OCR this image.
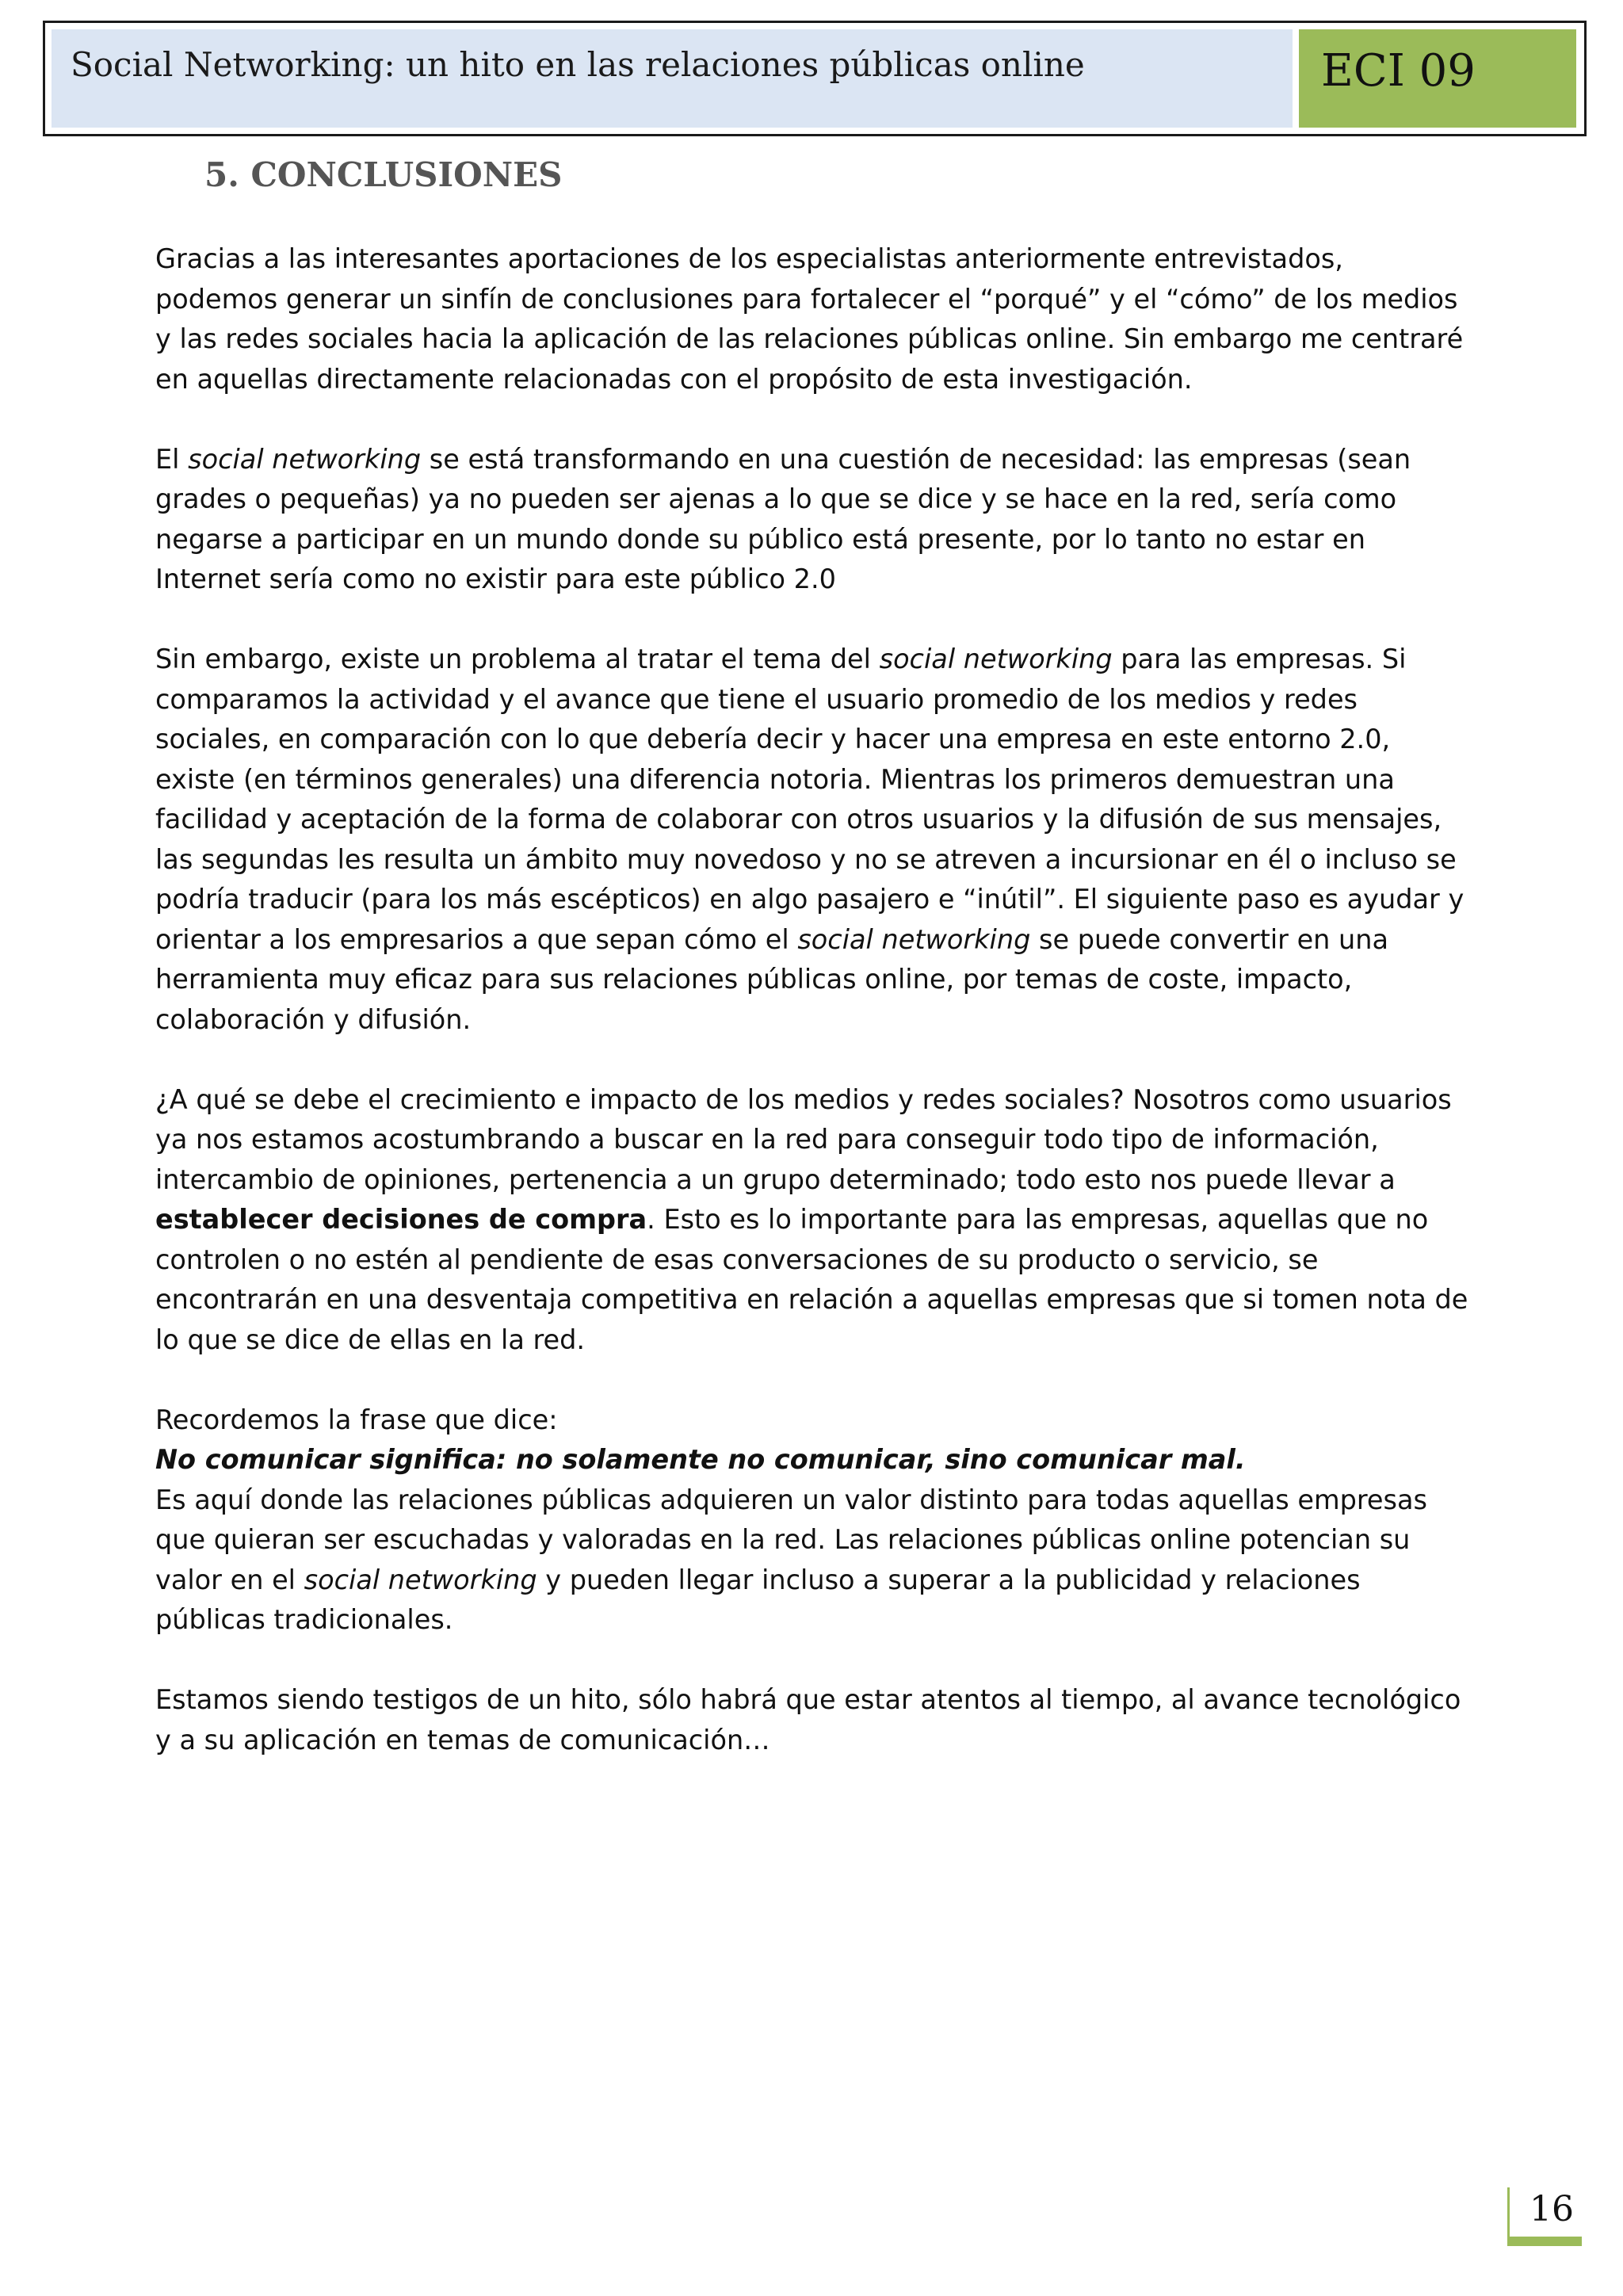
Social Networking: un hito en las relaciones públicas online	ECI 09
5. CONCLUSIONES

Gracias a las interesantes aportaciones de los especialistas anteriormente entrevistados, podemos generar un sinfín de conclusiones para fortalecer el “porqué” y el “cómo” de los medios y las redes sociales hacia la aplicación de las relaciones públicas online. Sin embargo me centraré en aquellas directamente relacionadas con el propósito de esta investigación.

El social networking se está transformando en una cuestión de necesidad: las empresas (sean grades o pequeñas) ya no pueden ser ajenas a lo que se dice y se hace en la red, sería como negarse a participar en un mundo donde su público está presente, por lo tanto no estar en Internet sería como no existir para este público 2.0

Sin embargo, existe un problema al tratar el tema del social networking para las empresas. Si comparamos la actividad y el avance que tiene el usuario promedio de los medios y redes sociales, en comparación con lo que debería decir y hacer una empresa en este entorno 2.0, existe (en términos generales) una diferencia notoria. Mientras los primeros demuestran una facilidad y aceptación de la forma de colaborar con otros usuarios y la difusión de sus mensajes, las segundas les resulta un ámbito muy novedoso y no se atreven a incursionar en él o incluso se podría traducir (para los más escépticos) en algo pasajero e “inútil”. El siguiente paso es ayudar y orientar a los empresarios a que sepan cómo el social networking se puede convertir en una herramienta muy eficaz para sus relaciones públicas online, por temas de coste, impacto, colaboración y difusión.

¿A qué se debe el crecimiento e impacto de los medios y redes sociales? Nosotros como usuarios ya nos estamos acostumbrando a buscar en la red para conseguir todo tipo de información, intercambio de opiniones, pertenencia a un grupo determinado; todo esto nos puede llevar a establecer decisiones de compra. Esto es lo importante para las empresas, aquellas que no controlen o no estén al pendiente de esas conversaciones de su producto o servicio, se encontrarán en una desventaja competitiva en relación a aquellas empresas que si tomen nota de lo que se dice de ellas en la red.

Recordemos la frase que dice:

No comunicar significa: no solamente no comunicar, sino comunicar mal.

Es aquí donde las relaciones públicas adquieren un valor distinto para todas aquellas empresas que quieran ser escuchadas y valoradas en la red. Las relaciones públicas online potencian su valor en el social networking y pueden llegar incluso a superar a la publicidad y relaciones públicas tradicionales.

Estamos siendo testigos de un hito, sólo habrá que estar atentos al tiempo, al avance tecnológico y a su aplicación en temas de comunicación…

16
